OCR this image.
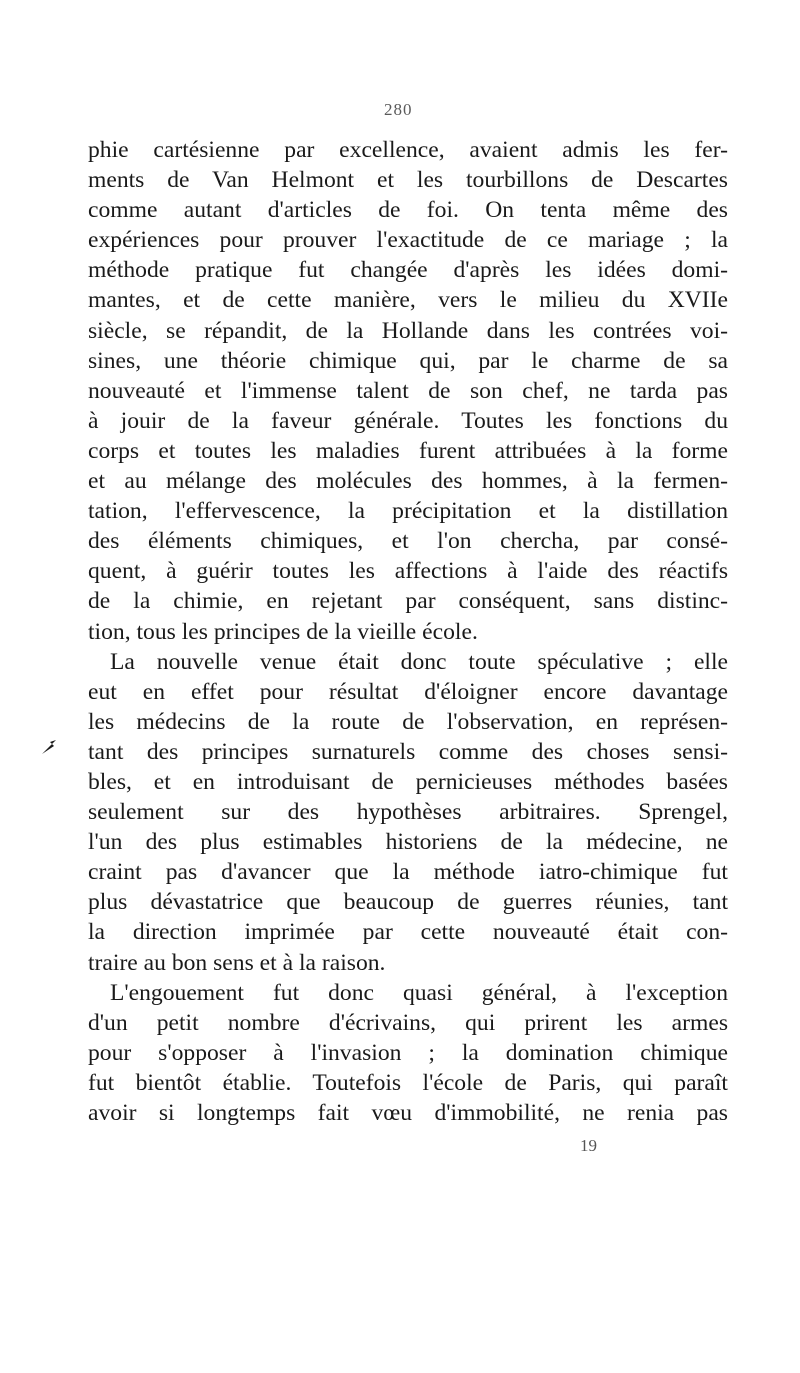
280
phie cartésienne par excellence, avaient admis les fer-
ments de Van Helmont et les tourbillons de Descartes
comme autant d'articles de foi. On tenta même des
expériences pour prouver l'exactitude de ce mariage ; la
méthode pratique fut changée d'après les idées domi-
mantes, et de cette manière, vers le milieu du XVIIe
siècle, se répandit, de la Hollande dans les contrées voi-
sines, une théorie chimique qui, par le charme de sa
nouveauté et l'immense talent de son chef, ne tarda pas
à jouir de la faveur générale. Toutes les fonctions du
corps et toutes les maladies furent attribuées à la forme
et au mélange des molécules des hommes, à la fermen-
tation, l'effervescence, la précipitation et la distillation
des éléments chimiques, et l'on chercha, par consé-
quent, à guérir toutes les affections à l'aide des réactifs
de la chimie, en rejetant par conséquent, sans distinc-
tion, tous les principes de la vieille école.
La nouvelle venue était donc toute spéculative ; elle
eut en effet pour résultat d'éloigner encore davantage
les médecins de la route de l'observation, en représen-
tant des principes surnaturels comme des choses sensi-
bles, et en introduisant de pernicieuses méthodes basées
seulement sur des hypothèses arbitraires. Sprengel,
l'un des plus estimables historiens de la médecine, ne
craint pas d'avancer que la méthode iatro-chimique fut
plus dévastatrice que beaucoup de guerres réunies, tant
la direction imprimée par cette nouveauté était con-
traire au bon sens et à la raison.
L'engouement fut donc quasi général, à l'exception
d'un petit nombre d'écrivains, qui prirent les armes
pour s'opposer à l'invasion ; la domination chimique
fut bientôt établie. Toutefois l'école de Paris, qui paraît
avoir si longtemps fait vœu d'immobilité, ne renia pas
19
